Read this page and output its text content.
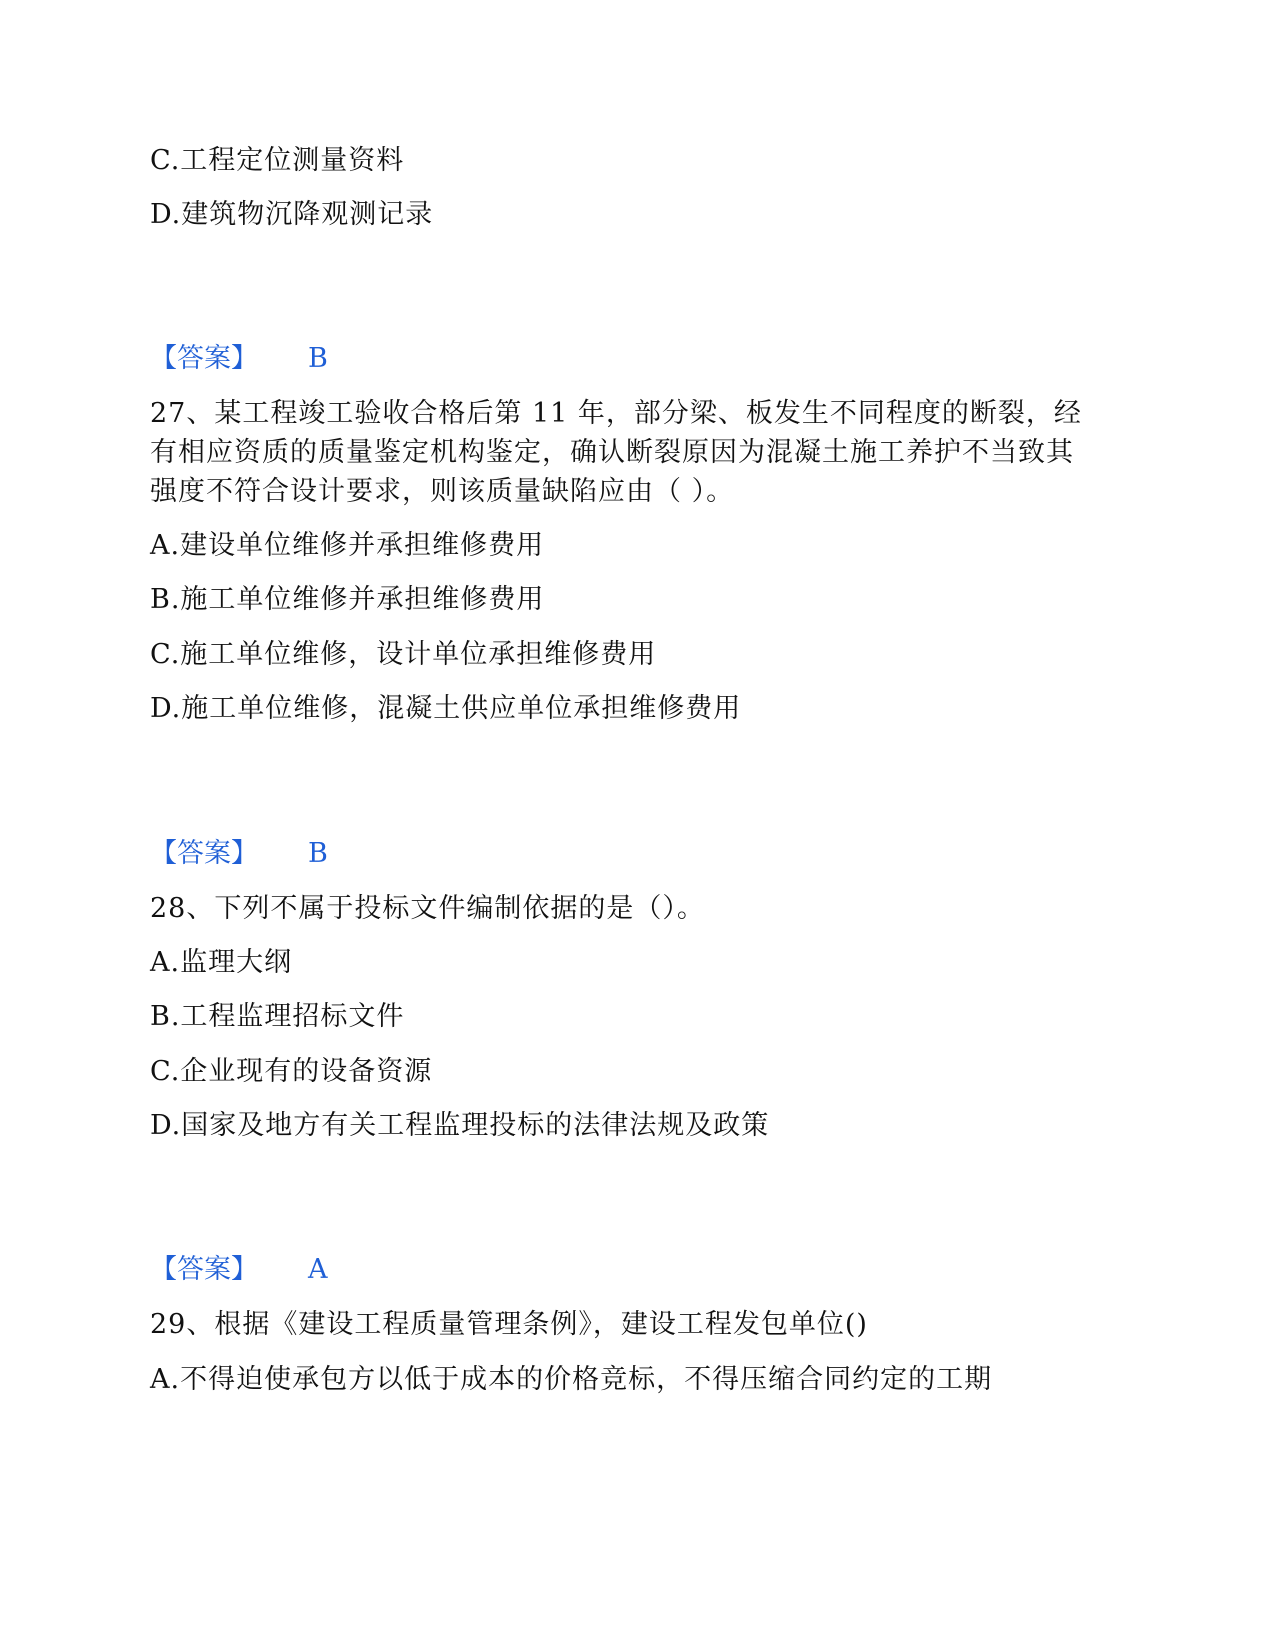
C.工程定位测量资料
D.建筑物沉降观测记录
【答案】 B
27、某工程竣工验收合格后第 11 年，部分梁、板发生不同程度的断裂，经
有相应资质的质量鉴定机构鉴定，确认断裂原因为混凝土施工养护不当致其
强度不符合设计要求，则该质量缺陷应由（ ）。
A.建设单位维修并承担维修费用
B.施工单位维修并承担维修费用
C.施工单位维修，设计单位承担维修费用
D.施工单位维修，混凝土供应单位承担维修费用
【答案】 B
28、下列不属于投标文件编制依据的是（）。
A.监理大纲
B.工程监理招标文件
C.企业现有的设备资源
D.国家及地方有关工程监理投标的法律法规及政策
【答案】 A
29、根据《建设工程质量管理条例》，建设工程发包单位()
A.不得迫使承包方以低于成本的价格竞标，不得压缩合同约定的工期
